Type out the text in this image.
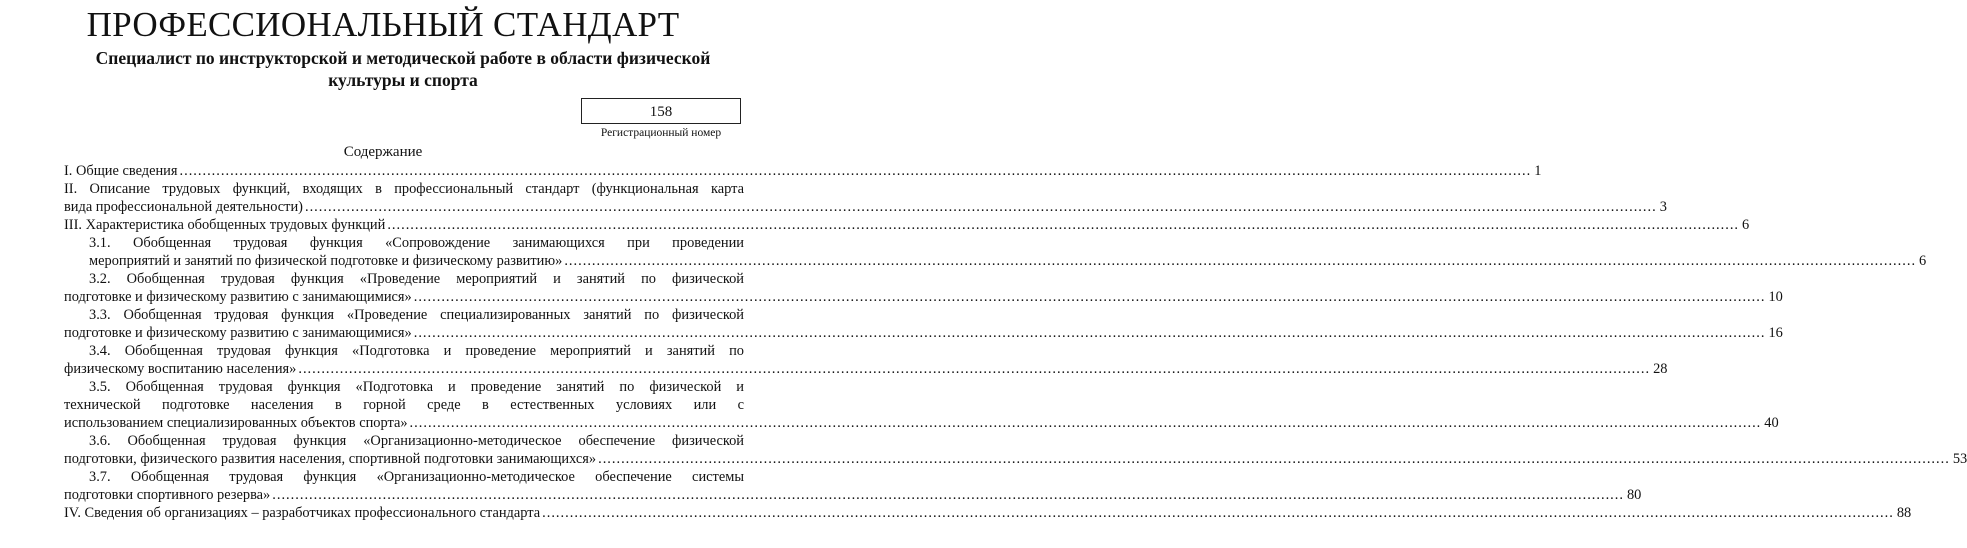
ПРОФЕССИОНАЛЬНЫЙ СТАНДАРТ
Специалист по инструкторской и методической работе в области физической
культуры и спорта
158
Регистрационный номер
Содержание
I. Общие сведения .....	1
II. Описание трудовых функций, входящих в профессиональный стандарт (функциональная карта
вида профессиональной деятельности) .....	3
III. Характеристика обобщенных трудовых функций .....	6
3.1. Обобщенная трудовая функция «Сопровождение занимающихся при проведении
мероприятий и занятий по физической подготовке и физическому развитию» .....	6
3.2. Обобщенная трудовая функция «Проведение мероприятий и занятий по физической
подготовке и физическому развитию с занимающимися» .....	10
3.3. Обобщенная трудовая функция «Проведение специализированных занятий по физической
подготовке и физическому развитию с занимающимися» .....	16
3.4. Обобщенная трудовая функция «Подготовка и проведение мероприятий и занятий по
физическому воспитанию населения» .....	28
3.5. Обобщенная трудовая функция «Подготовка и проведение занятий по физической и
технической подготовке населения в горной среде в естественных условиях или с
использованием специализированных объектов спорта» .....	40
3.6. Обобщенная трудовая функция «Организационно-методическое обеспечение физической
подготовки, физического развития населения, спортивной подготовки занимающихся» .....	53
3.7. Обобщенная трудовая функция «Организационно-методическое обеспечение системы
подготовки спортивного резерва» .....	80
IV. Сведения об организациях – разработчиках профессионального стандарта .....	88
